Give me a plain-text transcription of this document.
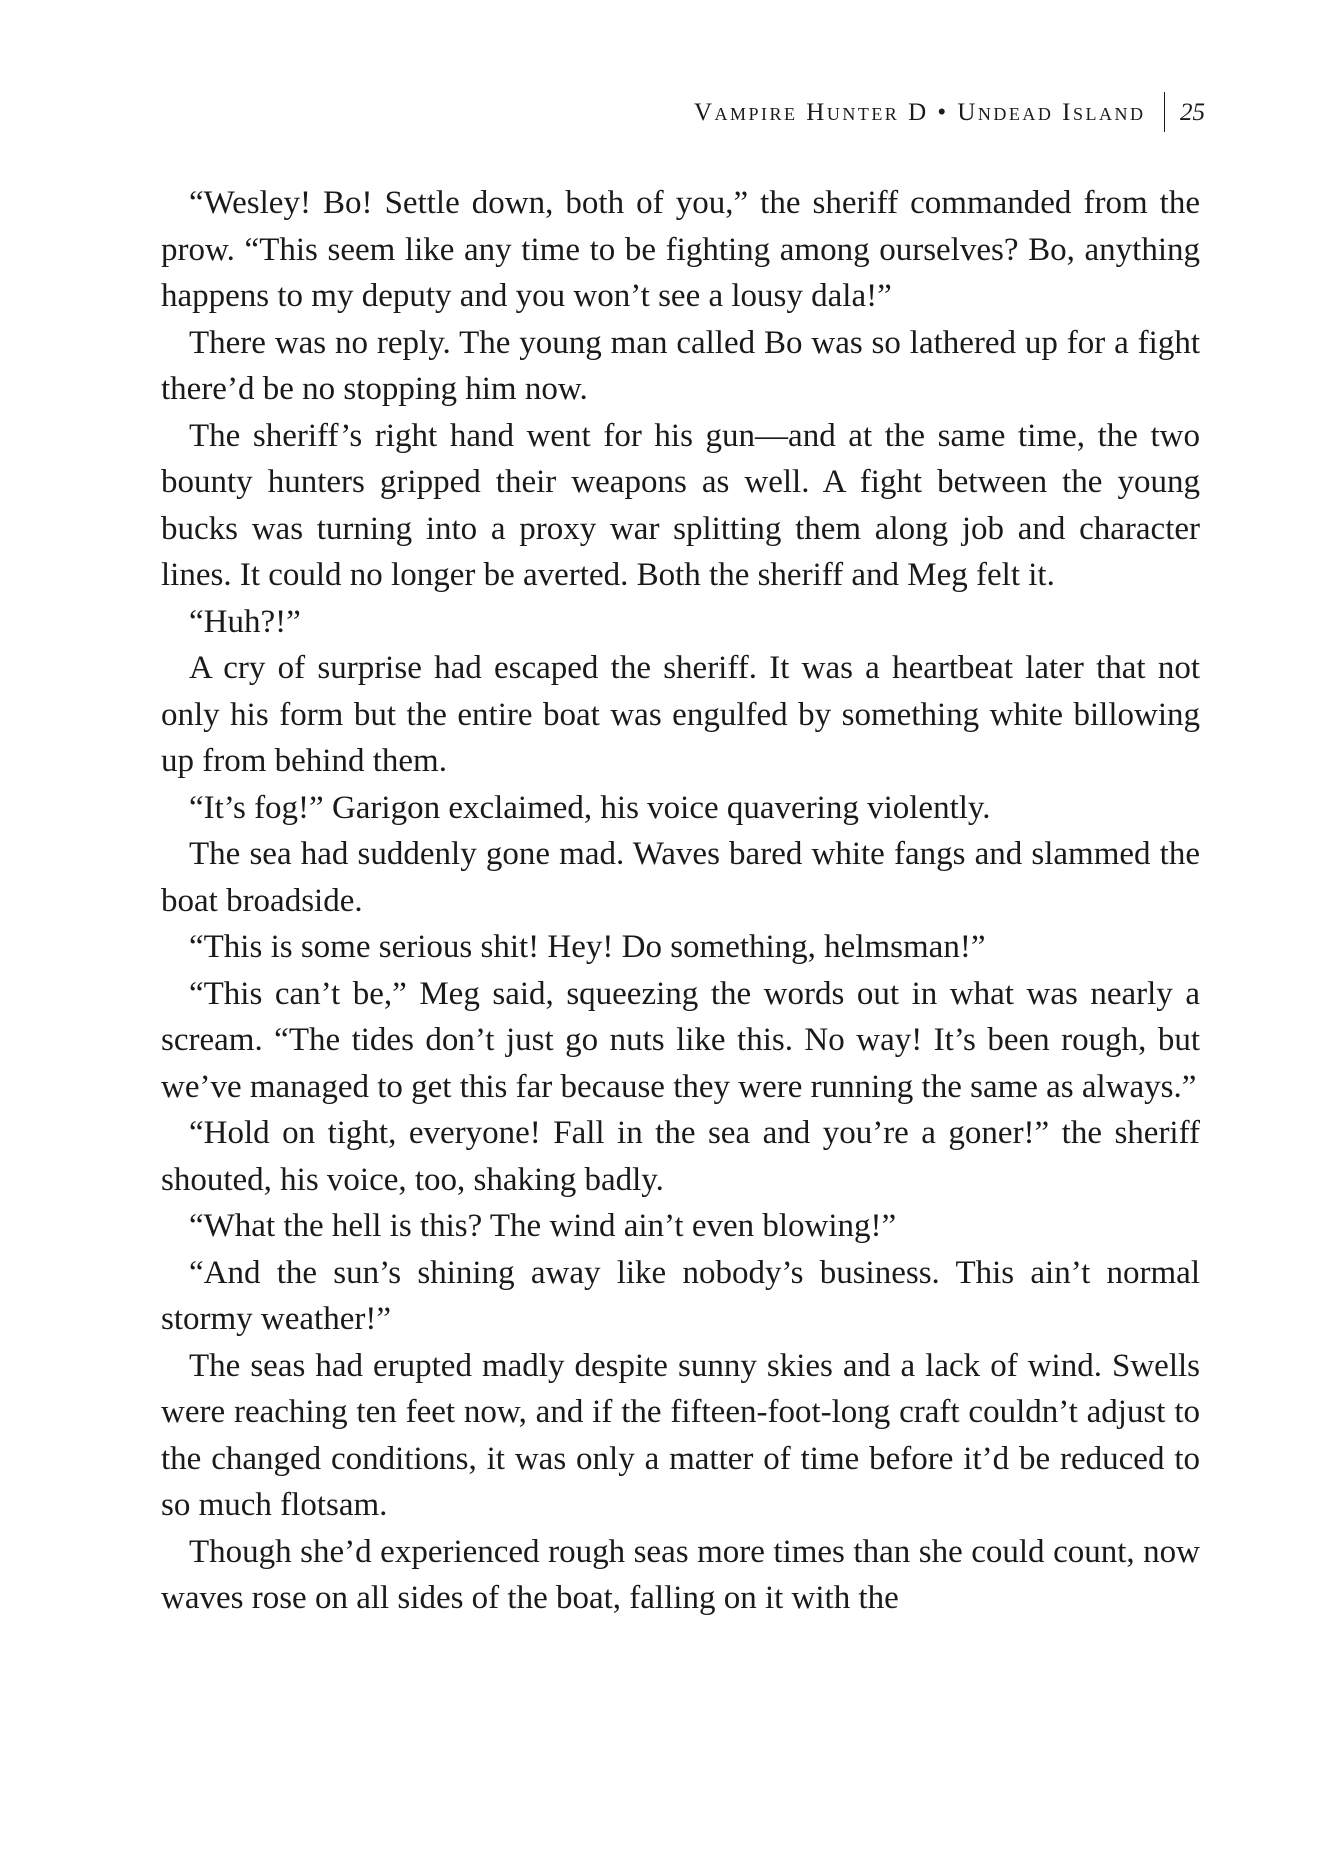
Vampire Hunter D • Undead Island 25

“Wesley! Bo! Settle down, both of you,” the sheriff commanded from the prow. “This seem like any time to be fighting among ourselves? Bo, anything happens to my deputy and you won’t see a lousy dala!”

There was no reply. The young man called Bo was so lathered up for a fight there’d be no stopping him now.

The sheriff’s right hand went for his gun—and at the same time, the two bounty hunters gripped their weapons as well. A fight between the young bucks was turning into a proxy war splitting them along job and character lines. It could no longer be averted. Both the sheriff and Meg felt it.

“Huh?!”

A cry of surprise had escaped the sheriff. It was a heartbeat later that not only his form but the entire boat was engulfed by something white billowing up from behind them.

“It’s fog!” Garigon exclaimed, his voice quavering violently.

The sea had suddenly gone mad. Waves bared white fangs and slammed the boat broadside.

“This is some serious shit! Hey! Do something, helmsman!”

“This can’t be,” Meg said, squeezing the words out in what was nearly a scream. “The tides don’t just go nuts like this. No way! It’s been rough, but we’ve managed to get this far because they were running the same as always.”

“Hold on tight, everyone! Fall in the sea and you’re a goner!” the sheriff shouted, his voice, too, shaking badly.

“What the hell is this? The wind ain’t even blowing!”

“And the sun’s shining away like nobody’s business. This ain’t normal stormy weather!”

The seas had erupted madly despite sunny skies and a lack of wind. Swells were reaching ten feet now, and if the fifteen-foot-long craft couldn’t adjust to the changed conditions, it was only a matter of time before it’d be reduced to so much flotsam.

Though she’d experienced rough seas more times than she could count, now waves rose on all sides of the boat, falling on it with the
